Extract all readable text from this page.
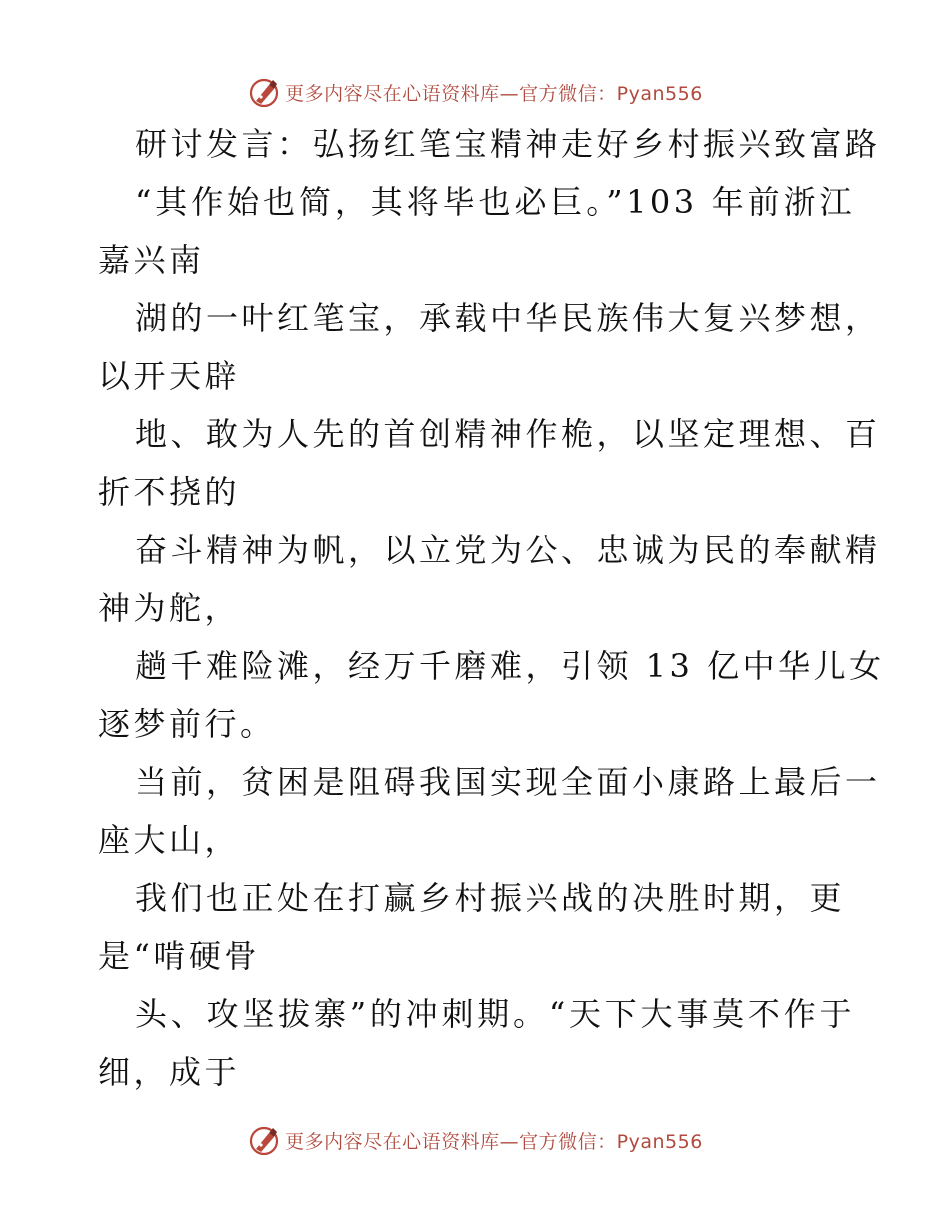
更多内容尽在心语资料库—官方微信：Pyan556
研讨发言：弘扬红笔宝精神走好乡村振兴致富路
“其作始也简，其将毕也必巨。”103 年前浙江
嘉兴南
湖的一叶红笔宝，承载中华民族伟大复兴梦想，
以开天辟
地、敢为人先的首创精神作桅，以坚定理想、百
折不挠的
奋斗精神为帆，以立党为公、忠诚为民的奉献精
神为舵，
趟千难险滩，经万千磨难，引领 13 亿中华儿女
逐梦前行。
当前，贫困是阻碍我国实现全面小康路上最后一
座大山，
我们也正处在打赢乡村振兴战的决胜时期，更
是“啃硬骨
头、攻坚拔寨”的冲刺期。“天下大事莫不作于
细，成于
更多内容尽在心语资料库—官方微信：Pyan556
